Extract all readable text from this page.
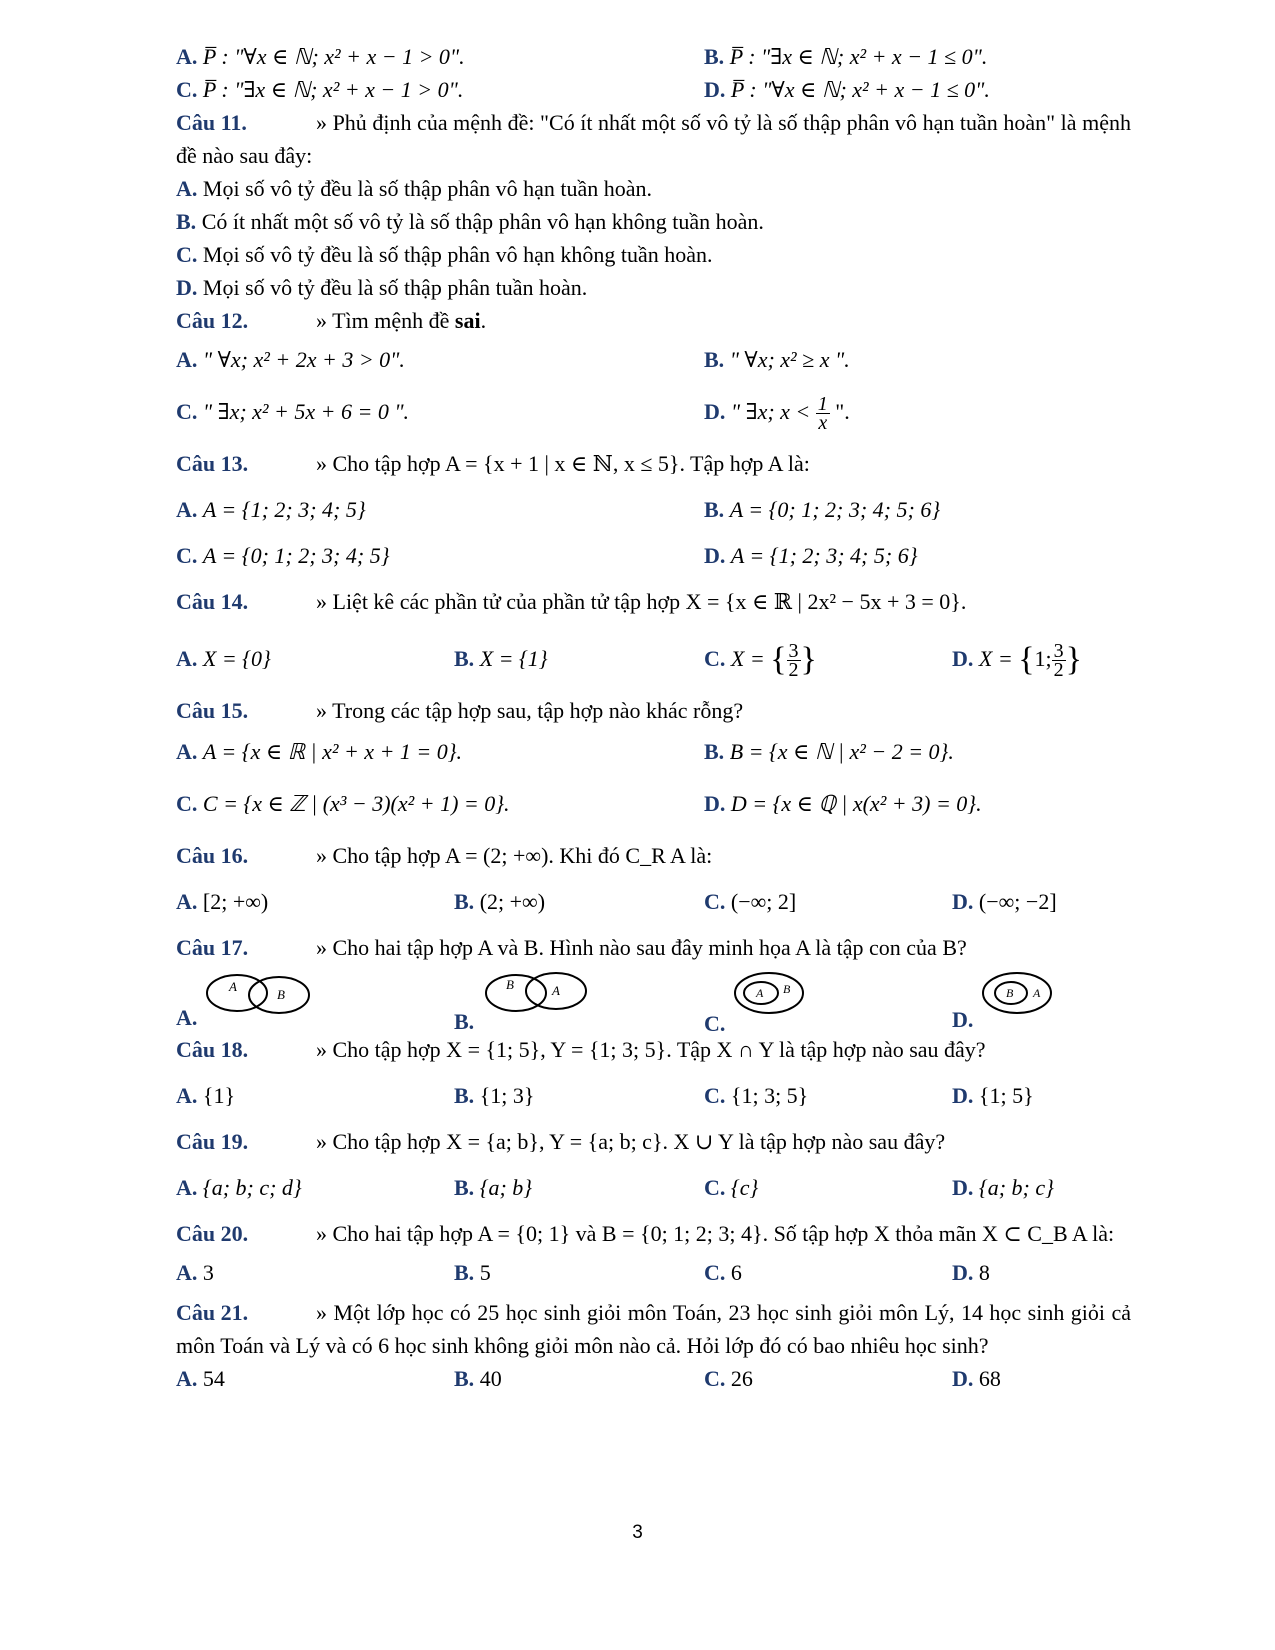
A. P̅ : "∀x ∈ ℕ; x² + x − 1 > 0".	B. P̅ : "∃x ∈ ℕ; x² + x − 1 ≤ 0".
C. P̅ : "∃x ∈ ℕ; x² + x − 1 > 0".	D. P̅ : "∀x ∈ ℕ; x² + x − 1 ≤ 0".
Câu 11.	» Phủ định của mệnh đề: "Có ít nhất một số vô tỷ là số thập phân vô hạn tuần hoàn" là mệnh đề nào sau đây:
A. Mọi số vô tỷ đều là số thập phân vô hạn tuần hoàn.
B. Có ít nhất một số vô tỷ là số thập phân vô hạn không tuần hoàn.
C. Mọi số vô tỷ đều là số thập phân vô hạn không tuần hoàn.
D. Mọi số vô tỷ đều là số thập phân tuần hoàn.
Câu 12.	» Tìm mệnh đề sai.
A. " ∀x; x² + 2x + 3 > 0".	B. " ∀x; x² ≥ x ".
C. " ∃x; x² + 5x + 6 = 0 ".	D. " ∃x; $x < \frac{1}{x}$ ".
Câu 13.	» Cho tập hợp A = {x + 1 | x ∈ ℕ, x ≤ 5}. Tập hợp A là:
A. A = {1; 2; 3; 4; 5}	B. A = {0; 1; 2; 3; 4; 5; 6}
C. A = {0; 1; 2; 3; 4; 5}	D. A = {1; 2; 3; 4; 5; 6}
Câu 14.	» Liệt kê các phần tử của phần tử tập hợp X = {x ∈ ℝ | 2x² − 5x + 3 = 0}.
A. X = {0}	B. X = {1}	C. X = { $\frac{3}{2}$ }	D. X = {1; $\frac{3}{2}$ }
Câu 15.	» Trong các tập hợp sau, tập hợp nào khác rỗng?
A. A = {x ∈ ℝ | x² + x + 1 = 0}.	B. B = {x ∈ ℕ | x² − 2 = 0}.
C. C = {x ∈ ℤ | (x³ − 3)(x² + 1) = 0}.	D. D = {x ∈ ℚ | x(x² + 3) = 0}.
Câu 16.	» Cho tập hợp A = (2; +∞). Khi đó C_R A là:
A. [2; +∞)	B. (2; +∞)	C. (−∞; 2]	D. (−∞; −2]
Câu 17.	» Cho hai tập hợp A và B. Hình nào sau đây minh họa A là tập con của B?
A.
A
B
B.
B	A
C.
A B
D.
B A
Câu 18.	» Cho tập hợp X = {1; 5}, Y = {1; 3; 5}. Tập X ∩ Y là tập hợp nào sau đây?
A. {1}	B. {1; 3}	C. {1; 3; 5}	D. {1; 5}
Câu 19.	» Cho tập hợp X = {a; b}, Y = {a; b; c}. X ∪ Y là tập hợp nào sau đây?
A. {a; b; c; d}	B. {a; b}	C. {c}	D. {a; b; c}
Câu 20.	» Cho hai tập hợp A = {0; 1} và B = {0; 1; 2; 3; 4}. Số tập hợp X thỏa mãn X ⊂ C_B A là:
A. 3	B. 5	C. 6	D. 8
Câu 21.	» Một lớp học có 25 học sinh giỏi môn Toán, 23 học sinh giỏi môn Lý, 14 học sinh giỏi cả môn Toán và Lý và có 6 học sinh không giỏi môn nào cả. Hỏi lớp đó có bao nhiêu học sinh?
A. 54	B. 40	C. 26	D. 68
3
